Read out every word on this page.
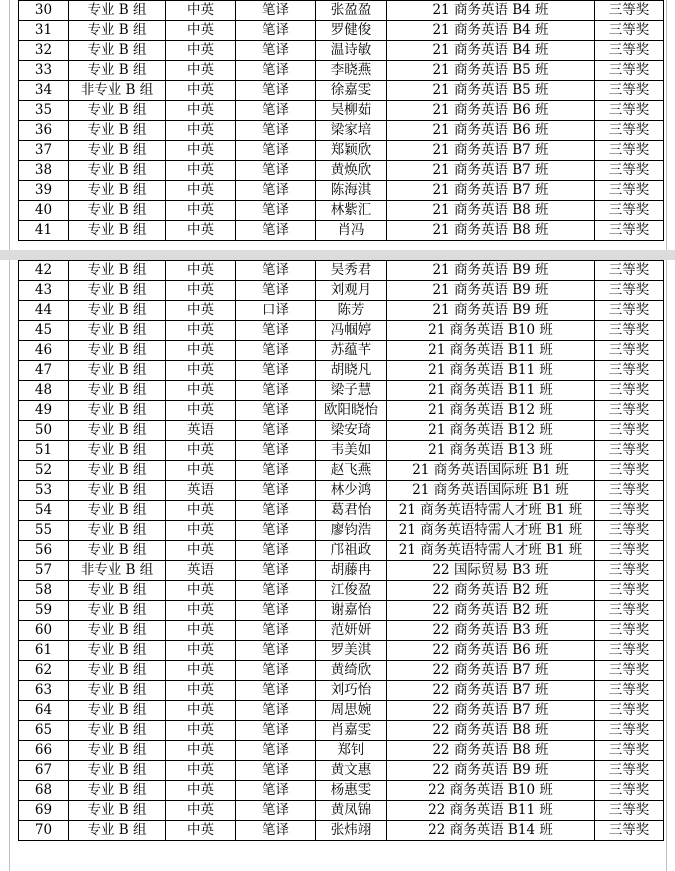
30	专业 B 组	中英	笔译	张盈盈	21 商务英语 B4 班	三等奖
31	专业 B 组	中英	笔译	罗健俊	21 商务英语 B4 班	三等奖
32	专业 B 组	中英	笔译	温诗敏	21 商务英语 B4 班	三等奖
33	专业 B 组	中英	笔译	李晓燕	21 商务英语 B5 班	三等奖
34	非专业 B 组	中英	笔译	徐嘉雯	21 商务英语 B5 班	三等奖
35	专业 B 组	中英	笔译	吴柳茹	21 商务英语 B6 班	三等奖
36	专业 B 组	中英	笔译	梁家培	21 商务英语 B6 班	三等奖
37	专业 B 组	中英	笔译	郑颖欣	21 商务英语 B7 班	三等奖
38	专业 B 组	中英	笔译	黄焕欣	21 商务英语 B7 班	三等奖
39	专业 B 组	中英	笔译	陈海淇	21 商务英语 B7 班	三等奖
40	专业 B 组	中英	笔译	林紫汇	21 商务英语 B8 班	三等奖
41	专业 B 组	中英	笔译	肖冯	21 商务英语 B8 班	三等奖
42	专业 B 组	中英	笔译	吴秀君	21 商务英语 B9 班	三等奖
43	专业 B 组	中英	笔译	刘观月	21 商务英语 B9 班	三等奖
44	专业 B 组	中英	口译	陈芳	21 商务英语 B9 班	三等奖
45	专业 B 组	中英	笔译	冯帼婷	21 商务英语 B10 班	三等奖
46	专业 B 组	中英	笔译	苏蕴芊	21 商务英语 B11 班	三等奖
47	专业 B 组	中英	笔译	胡晓凡	21 商务英语 B11 班	三等奖
48	专业 B 组	中英	笔译	梁子慧	21 商务英语 B11 班	三等奖
49	专业 B 组	中英	笔译	欧阳晓怡	21 商务英语 B12 班	三等奖
50	专业 B 组	英语	笔译	梁安琦	21 商务英语 B12 班	三等奖
51	专业 B 组	中英	笔译	韦美如	21 商务英语 B13 班	三等奖
52	专业 B 组	中英	笔译	赵飞燕	21 商务英语国际班 B1 班	三等奖
53	专业 B 组	英语	笔译	林少鸿	21 商务英语国际班 B1 班	三等奖
54	专业 B 组	中英	笔译	葛君怡	21 商务英语特需人才班 B1 班	三等奖
55	专业 B 组	中英	笔译	廖钧浩	21 商务英语特需人才班 B1 班	三等奖
56	专业 B 组	中英	笔译	邝祖政	21 商务英语特需人才班 B1 班	三等奖
57	非专业 B 组	英语	笔译	胡藤冉	22 国际贸易 B3 班	三等奖
58	专业 B 组	中英	笔译	江俊盈	22 商务英语 B2 班	三等奖
59	专业 B 组	中英	笔译	谢嘉怡	22 商务英语 B2 班	三等奖
60	专业 B 组	中英	笔译	范妍妍	22 商务英语 B3 班	三等奖
61	专业 B 组	中英	笔译	罗美淇	22 商务英语 B6 班	三等奖
62	专业 B 组	中英	笔译	黄绮欣	22 商务英语 B7 班	三等奖
63	专业 B 组	中英	笔译	刘巧怡	22 商务英语 B7 班	三等奖
64	专业 B 组	中英	笔译	周思婉	22 商务英语 B7 班	三等奖
65	专业 B 组	中英	笔译	肖嘉雯	22 商务英语 B8 班	三等奖
66	专业 B 组	中英	笔译	郑钊	22 商务英语 B8 班	三等奖
67	专业 B 组	中英	笔译	黄文惠	22 商务英语 B9 班	三等奖
68	专业 B 组	中英	笔译	杨惠雯	22 商务英语 B10 班	三等奖
69	专业 B 组	中英	笔译	黄凤锦	22 商务英语 B11 班	三等奖
70	专业 B 组	中英	笔译	张炜翊	22 商务英语 B14 班	三等奖
